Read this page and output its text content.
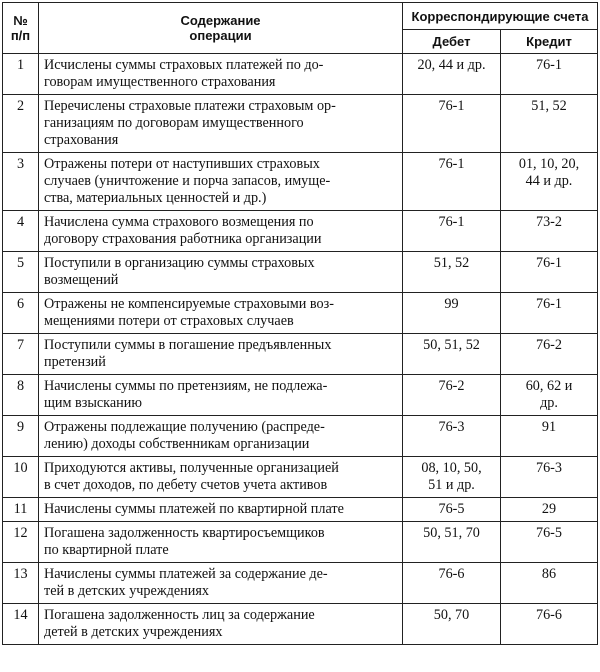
№
п/п	Содержание
операции	Корреспондирующие счета	
		Дебет	Кредит
1	Исчислены суммы страховых платежей по до-
говорам имущественного страхования	20, 44 и др.	76-1
2	Перечислены страховые платежи страховым ор-
ганизациям по договорам имущественного
страхования	76-1	51, 52
3	Отражены потери от наступивших страховых
случаев (уничтожение и порча запасов, имуще-
ства, материальных ценностей и др.)	76-1	01, 10, 20,
44 и др.
4	Начислена сумма страхового возмещения по
договору страхования работника организации	76-1	73-2
5	Поступили в организацию суммы страховых
возмещений	51, 52	76-1
6	Отражены не компенсируемые страховыми воз-
мещениями потери от страховых случаев	99	76-1
7	Поступили суммы в погашение предъявленных
претензий	50, 51, 52	76-2
8	Начислены суммы по претензиям, не подлежа-
щим взысканию	76-2	60, 62 и
др.
9	Отражены подлежащие получению (распреде-
лению) доходы собственникам организации	76-3	91
10	Приходуются активы, полученные организацией
в счет доходов, по дебету счетов учета активов	08, 10, 50,
51 и др.	76-3
11	Начислены суммы платежей по квартирной плате	76-5	29
12	Погашена задолженность квартиросъемщиков
по квартирной плате	50, 51, 70	76-5
13	Начислены суммы платежей за содержание де-
тей в детских учреждениях	76-6	86
14	Погашена задолженность лиц за содержание
детей в детских учреждениях	50, 70	76-6
